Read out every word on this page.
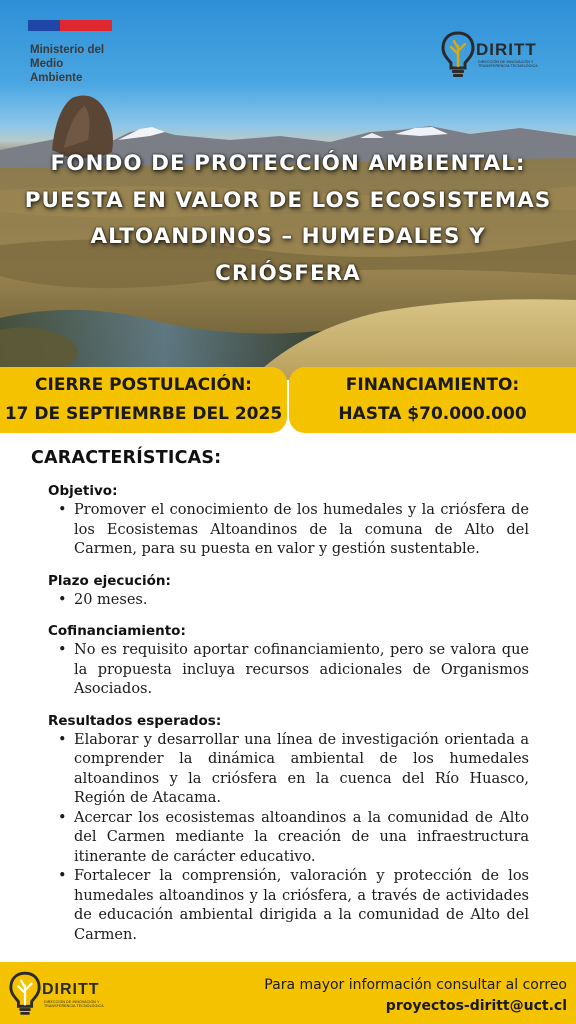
Ministerio del
Medio
Ambiente
DIRITT
DIRECCIÓN DE INNOVACIÓN Y
TRANSFERENCIA TECNOLÓGICA
FONDO DE PROTECCIÓN AMBIENTAL:
PUESTA EN VALOR DE LOS ECOSISTEMAS
ALTOANDINOS – HUMEDALES Y
CRIÓSFERA
CIERRE POSTULACIÓN:
17 DE SEPTIEMRBE DEL 2025
FINANCIAMIENTO:
HASTA $70.000.000
CARACTERÍSTICAS:
Objetivo:
• Promover el conocimiento de los humedales y la criósfera de los Ecosistemas Altoandinos de la comuna de Alto del Carmen, para su puesta en valor y gestión sustentable.
Plazo ejecución:
• 20 meses.
Cofinanciamiento:
• No es requisito aportar cofinanciamiento, pero se valora que la propuesta incluya recursos adicionales de Organismos Asociados.
Resultados esperados:
• Elaborar y desarrollar una línea de investigación orientada a comprender la dinámica ambiental de los humedales altoandinos y la criósfera en la cuenca del Río Huasco, Región de Atacama.
• Acercar los ecosistemas altoandinos a la comunidad de Alto del Carmen mediante la creación de una infraestructura itinerante de carácter educativo.
• Fortalecer la comprensión, valoración y protección de los humedales altoandinos y la criósfera, a través de actividades de educación ambiental dirigida a la comunidad de Alto del Carmen.
DIRITT
DIRECCIÓN DE INNOVACIÓN Y
TRANSFERENCIA TECNOLÓGICA
Para mayor información consultar al correo
proyectos-diritt@uct.cl
